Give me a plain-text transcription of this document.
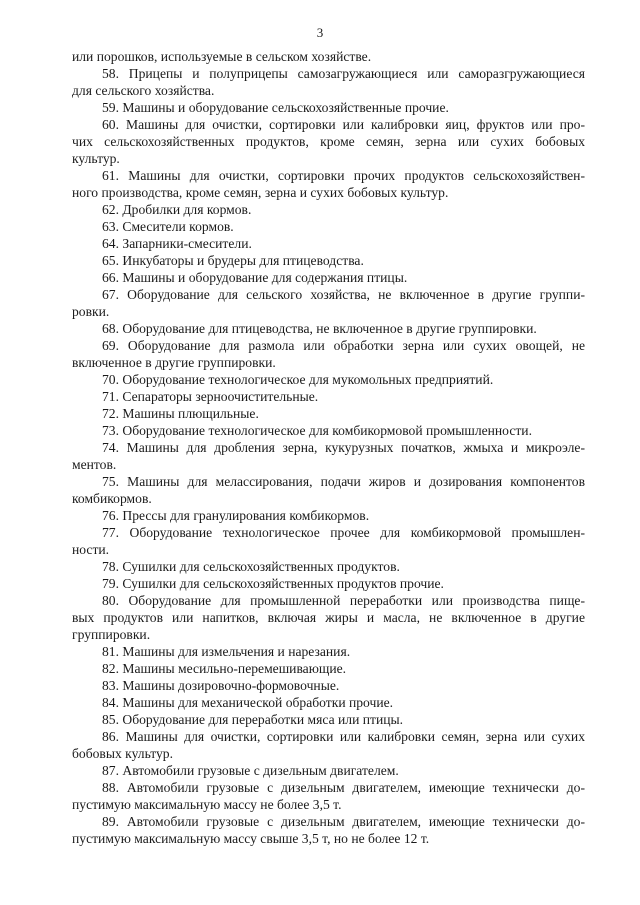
3
или порошков, используемые в сельском хозяйстве.
58. Прицепы и полуприцепы самозагружающиеся или саморазгружающиеся
для сельского хозяйства.
59. Машины и оборудование сельскохозяйственные прочие.
60. Машины для очистки, сортировки или калибровки яиц, фруктов или про-
чих сельскохозяйственных продуктов, кроме семян, зерна или сухих бобовых
культур.
61. Машины для очистки, сортировки прочих продуктов сельскохозяйствен-
ного производства, кроме семян, зерна и сухих бобовых культур.
62. Дробилки для кормов.
63. Смесители кормов.
64. Запарники-смесители.
65. Инкубаторы и брудеры для птицеводства.
66. Машины и оборудование для содержания птицы.
67. Оборудование для сельского хозяйства, не включенное в другие группи-
ровки.
68. Оборудование для птицеводства, не включенное в другие группировки.
69. Оборудование для размола или обработки зерна или сухих овощей, не
включенное в другие группировки.
70. Оборудование технологическое для мукомольных предприятий.
71. Сепараторы зерноочистительные.
72. Машины плющильные.
73. Оборудование технологическое для комбикормовой промышленности.
74. Машины для дробления зерна, кукурузных початков, жмыха и микроэле-
ментов.
75. Машины для мелассирования, подачи жиров и дозирования компонентов
комбикормов.
76. Прессы для гранулирования комбикормов.
77. Оборудование технологическое прочее для комбикормовой промышлен-
ности.
78. Сушилки для сельскохозяйственных продуктов.
79. Сушилки для сельскохозяйственных продуктов прочие.
80. Оборудование для промышленной переработки или производства пище-
вых продуктов или напитков, включая жиры и масла, не включенное в другие
группировки.
81. Машины для измельчения и нарезания.
82. Машины месильно-перемешивающие.
83. Машины дозировочно-формовочные.
84. Машины для механической обработки прочие.
85. Оборудование для переработки мяса или птицы.
86. Машины для очистки, сортировки или калибровки семян, зерна или сухих
бобовых культур.
87. Автомобили грузовые с дизельным двигателем.
88. Автомобили грузовые с дизельным двигателем, имеющие технически до-
пустимую максимальную массу не более 3,5 т.
89. Автомобили грузовые с дизельным двигателем, имеющие технически до-
пустимую максимальную массу свыше 3,5 т, но не более 12 т.
